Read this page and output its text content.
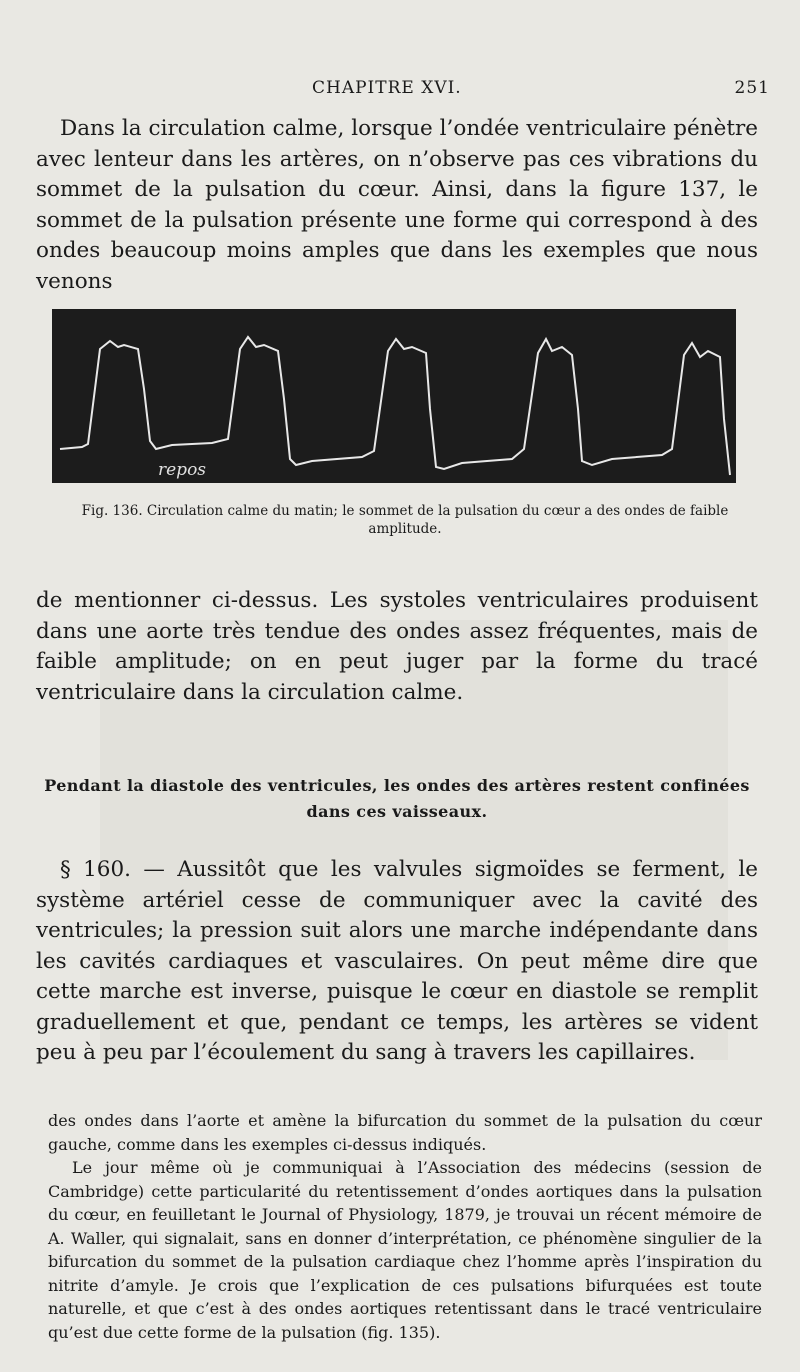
CHAPITRE XVI.	251

Dans la circulation calme, lorsque l’ondée ventriculaire pénètre avec lenteur dans les artères, on n’observe pas ces vibrations du sommet de la pulsation du cœur. Ainsi, dans la figure 137, le sommet de la pulsation présente une forme qui correspond à des ondes beaucoup moins amples que dans les exemples que nous venons

repos
Fig. 136. Circulation calme du matin; le sommet de la pulsation du cœur a des ondes de faible amplitude.

de mentionner ci-dessus. Les systoles ventriculaires produisent dans une aorte très tendue des ondes assez fréquentes, mais de faible amplitude; on en peut juger par la forme du tracé ventriculaire dans la circulation calme.

Pendant la diastole des ventricules, les ondes des artères restent confinées dans ces vaisseaux.

§ 160. — Aussitôt que les valvules sigmoïdes se ferment, le système artériel cesse de communiquer avec la cavité des ventricules; la pression suit alors une marche indépendante dans les cavités cardiaques et vasculaires. On peut même dire que cette marche est inverse, puisque le cœur en diastole se remplit graduellement et que, pendant ce temps, les artères se vident peu à peu par l’écoulement du sang à travers les capillaires.

des ondes dans l’aorte et amène la bifurcation du sommet de la pulsation du cœur gauche, comme dans les exemples ci-dessus indiqués.

Le jour même où je communiquai à l’Association des médecins (session de Cambridge) cette particularité du retentissement d’ondes aortiques dans la pulsation du cœur, en feuilletant le Journal of Physiology, 1879, je trouvai un récent mémoire de A. Waller, qui signalait, sans en donner d’interprétation, ce phénomène singulier de la bifurcation du sommet de la pulsation cardiaque chez l’homme après l’inspiration du nitrite d’amyle. Je crois que l’explication de ces pulsations bifurquées est toute naturelle, et que c’est à des ondes aortiques retentissant dans le tracé ventriculaire qu’est due cette forme de la pulsation (fig. 135).
